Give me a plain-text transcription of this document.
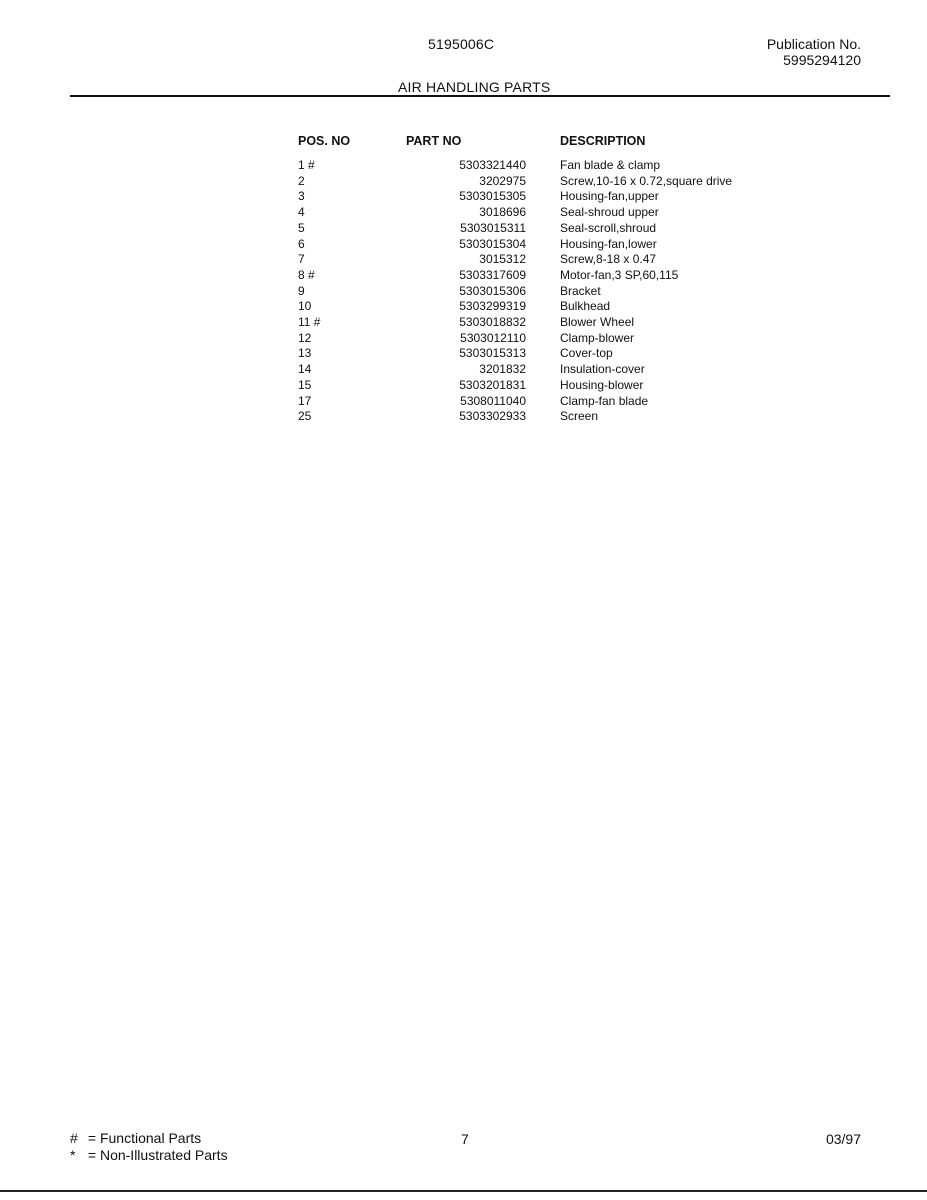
5195006C	Publication No.
5995294120
AIR HANDLING PARTS
POS. NO	PART NO	DESCRIPTION
1 #	5303321440	Fan blade & clamp
2	3202975	Screw,10-16 x 0.72,square drive
3	5303015305	Housing-fan,upper
4	3018696	Seal-shroud upper
5	5303015311	Seal-scroll,shroud
6	5303015304	Housing-fan,lower
7	3015312	Screw,8-18 x 0.47
8 #	5303317609	Motor-fan,3 SP,60,115
9	5303015306	Bracket
10	5303299319	Bulkhead
11 #	5303018832	Blower Wheel
12	5303012110	Clamp-blower
13	5303015313	Cover-top
14	3201832	Insulation-cover
15	5303201831	Housing-blower
17	5308011040	Clamp-fan blade
25	5303302933	Screen
# = Functional Parts
* = Non-Illustrated Parts
7	03/97
